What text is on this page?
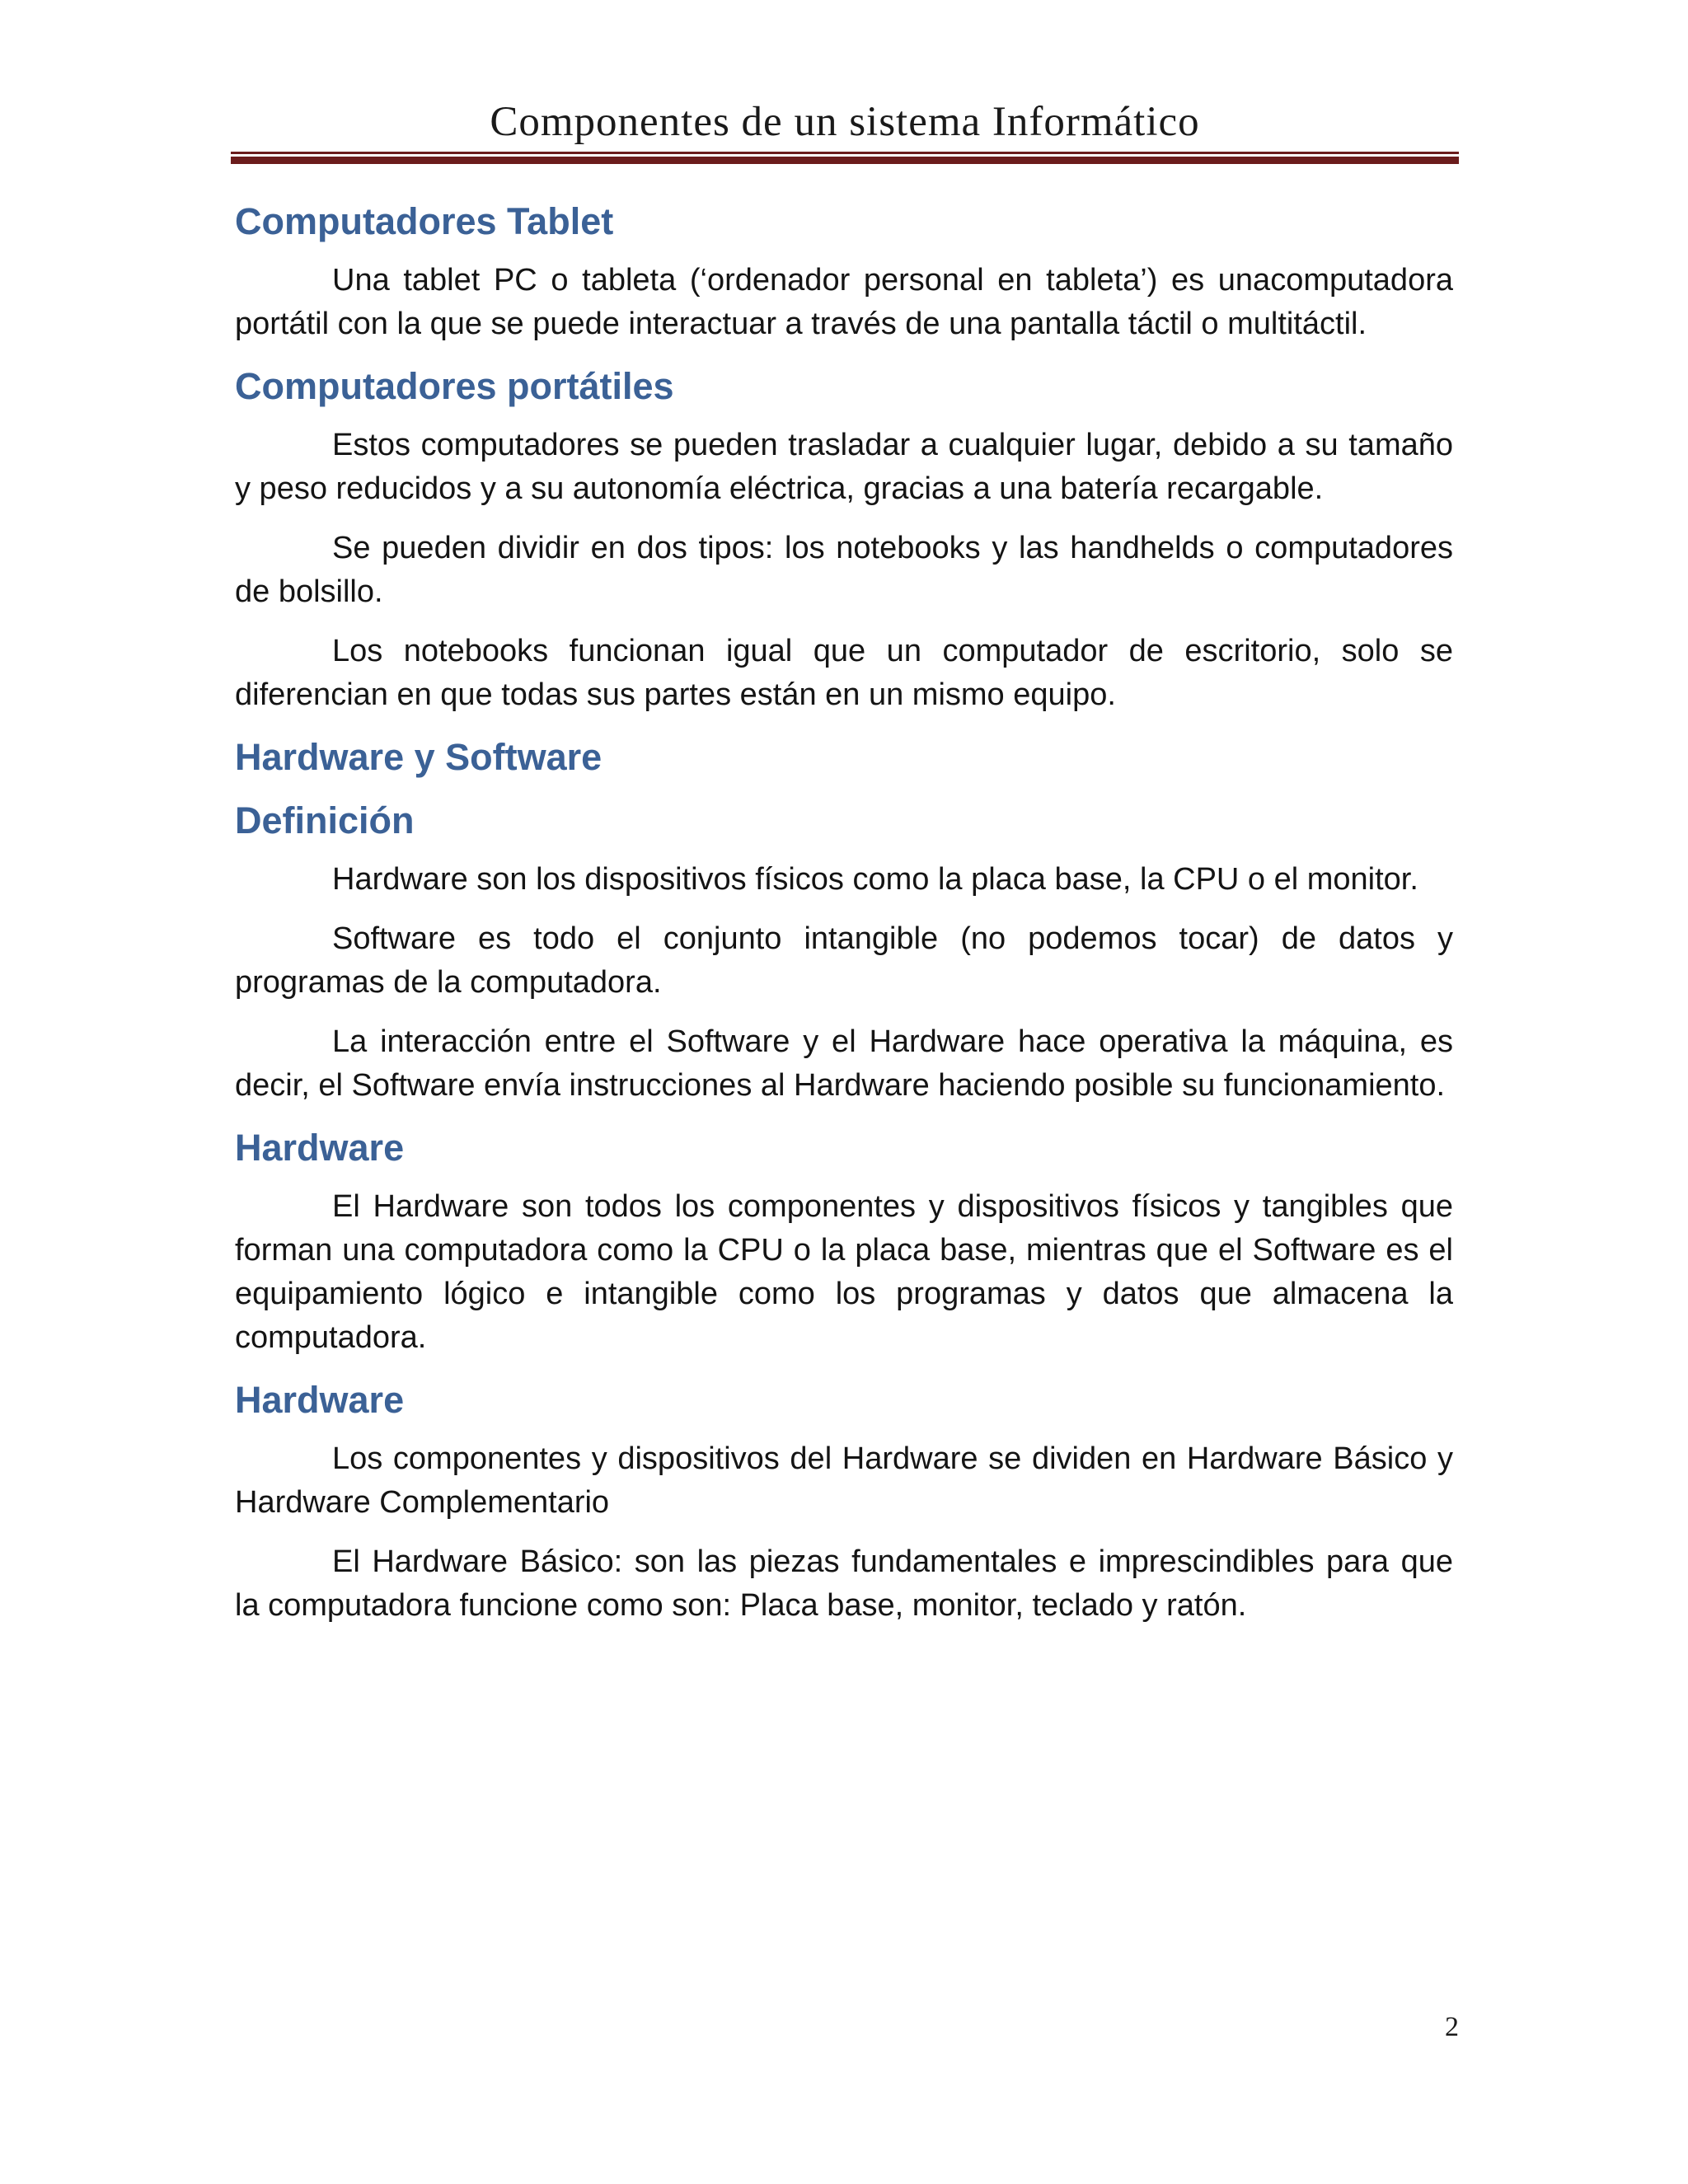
Componentes de un sistema Informático
Computadores Tablet

Una tablet PC o tableta (‘ordenador personal en tableta’) es unacomputadora portátil con la que se puede interactuar a través de una pantalla táctil o multitáctil.

Computadores portátiles

Estos computadores se pueden trasladar a cualquier lugar, debido a su tamaño y peso reducidos y a su autonomía eléctrica, gracias a una batería recargable.

Se pueden dividir en dos tipos: los notebooks y las handhelds o computadores de bolsillo.

Los notebooks funcionan igual que un computador de escritorio, solo se diferencian en que todas sus partes están en un mismo equipo.

Hardware y Software
Definición

Hardware son los dispositivos físicos como la placa base, la CPU o el monitor.

Software es todo el conjunto intangible (no podemos tocar) de datos y programas de la computadora.

La interacción entre el Software y el Hardware hace operativa la máquina, es decir, el Software envía instrucciones al Hardware haciendo posible su funcionamiento.

Hardware

El Hardware son todos los componentes y dispositivos físicos y tangibles que forman una computadora como la CPU o la placa base, mientras que el Software es el equipamiento lógico e intangible como los programas y datos que almacena la computadora.

Hardware

Los componentes y dispositivos del Hardware se dividen en Hardware Básico y Hardware Complementario

El Hardware Básico: son las piezas fundamentales e imprescindibles para que la computadora funcione como son: Placa base, monitor, teclado y ratón.

2
